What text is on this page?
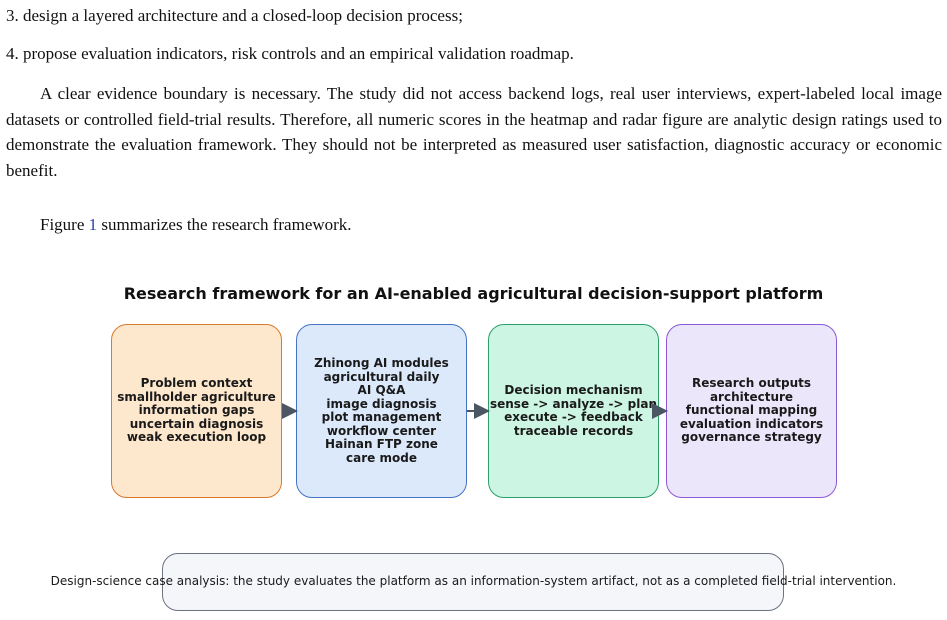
3. design a layered architecture and a closed-loop decision process;
4. propose evaluation indicators, risk controls and an empirical validation roadmap.
A clear evidence boundary is necessary. The study did not access backend logs, real user interviews, expert-labeled local image datasets or controlled field-trial results. Therefore, all numeric scores in the heatmap and radar figure are analytic design ratings used to demonstrate the evaluation framework. They should not be interpreted as measured user satisfaction, diagnostic accuracy or economic benefit.
Figure 1 summarizes the research framework.
Research framework for an AI-enabled agricultural decision-support platform
Problem context
smallholder agriculture
information gaps
uncertain diagnosis
weak execution loop
Zhinong AI modules
agricultural daily
AI Q&A
image diagnosis
plot management
workflow center
Hainan FTP zone
care mode
Decision mechanism
sense -> analyze -> plan
execute -> feedback
traceable records
Research outputs
architecture
functional mapping
evaluation indicators
governance strategy
Design-science case analysis: the study evaluates the platform as an information-system artifact, not as a completed field-trial intervention.
